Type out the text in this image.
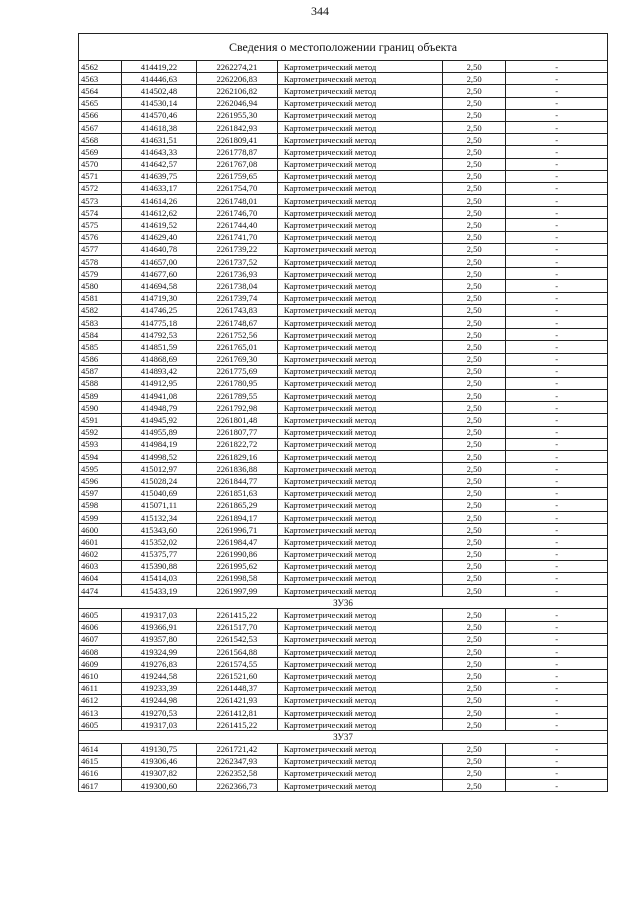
344
Сведения о местоположении границ объекта					
4562	414419,22	2262274,21	Картометрический метод	2,50	-
4563	414446,63	2262206,83	Картометрический метод	2,50	-
4564	414502,48	2262106,82	Картометрический метод	2,50	-
4565	414530,14	2262046,94	Картометрический метод	2,50	-
4566	414570,46	2261955,30	Картометрический метод	2,50	-
4567	414618,38	2261842,93	Картометрический метод	2,50	-
4568	414631,51	2261809,41	Картометрический метод	2,50	-
4569	414643,33	2261778,87	Картометрический метод	2,50	-
4570	414642,57	2261767,08	Картометрический метод	2,50	-
4571	414639,75	2261759,65	Картометрический метод	2,50	-
4572	414633,17	2261754,70	Картометрический метод	2,50	-
4573	414614,26	2261748,01	Картометрический метод	2,50	-
4574	414612,62	2261746,70	Картометрический метод	2,50	-
4575	414619,52	2261744,40	Картометрический метод	2,50	-
4576	414629,40	2261741,70	Картометрический метод	2,50	-
4577	414640,78	2261739,22	Картометрический метод	2,50	-
4578	414657,00	2261737,52	Картометрический метод	2,50	-
4579	414677,60	2261736,93	Картометрический метод	2,50	-
4580	414694,58	2261738,04	Картометрический метод	2,50	-
4581	414719,30	2261739,74	Картометрический метод	2,50	-
4582	414746,25	2261743,83	Картометрический метод	2,50	-
4583	414775,18	2261748,67	Картометрический метод	2,50	-
4584	414792,53	2261752,56	Картометрический метод	2,50	-
4585	414851,59	2261765,01	Картометрический метод	2,50	-
4586	414868,69	2261769,30	Картометрический метод	2,50	-
4587	414893,42	2261775,69	Картометрический метод	2,50	-
4588	414912,95	2261780,95	Картометрический метод	2,50	-
4589	414941,08	2261789,55	Картометрический метод	2,50	-
4590	414948,79	2261792,98	Картометрический метод	2,50	-
4591	414945,92	2261801,48	Картометрический метод	2,50	-
4592	414955,89	2261807,77	Картометрический метод	2,50	-
4593	414984,19	2261822,72	Картометрический метод	2,50	-
4594	414998,52	2261829,16	Картометрический метод	2,50	-
4595	415012,97	2261836,88	Картометрический метод	2,50	-
4596	415028,24	2261844,77	Картометрический метод	2,50	-
4597	415040,69	2261851,63	Картометрический метод	2,50	-
4598	415071,11	2261865,29	Картометрический метод	2,50	-
4599	415132,34	2261894,17	Картометрический метод	2,50	-
4600	415343,60	2261996,71	Картометрический метод	2,50	-
4601	415352,02	2261984,47	Картометрический метод	2,50	-
4602	415375,77	2261990,86	Картометрический метод	2,50	-
4603	415390,88	2261995,62	Картометрический метод	2,50	-
4604	415414,03	2261998,58	Картометрический метод	2,50	-
4474	415433,19	2261997,99	Картометрический метод	2,50	-
ЗУ36					
4605	419317,03	2261415,22	Картометрический метод	2,50	-
4606	419366,91	2261517,70	Картометрический метод	2,50	-
4607	419357,80	2261542,53	Картометрический метод	2,50	-
4608	419324,99	2261564,88	Картометрический метод	2,50	-
4609	419276,83	2261574,55	Картометрический метод	2,50	-
4610	419244,58	2261521,60	Картометрический метод	2,50	-
4611	419233,39	2261448,37	Картометрический метод	2,50	-
4612	419244,98	2261421,93	Картометрический метод	2,50	-
4613	419270,53	2261412,81	Картометрический метод	2,50	-
4605	419317,03	2261415,22	Картометрический метод	2,50	-
ЗУ37					
4614	419130,75	2261721,42	Картометрический метод	2,50	-
4615	419306,46	2262347,93	Картометрический метод	2,50	-
4616	419307,82	2262352,58	Картометрический метод	2,50	-
4617	419300,60	2262366,73	Картометрический метод	2,50	-
